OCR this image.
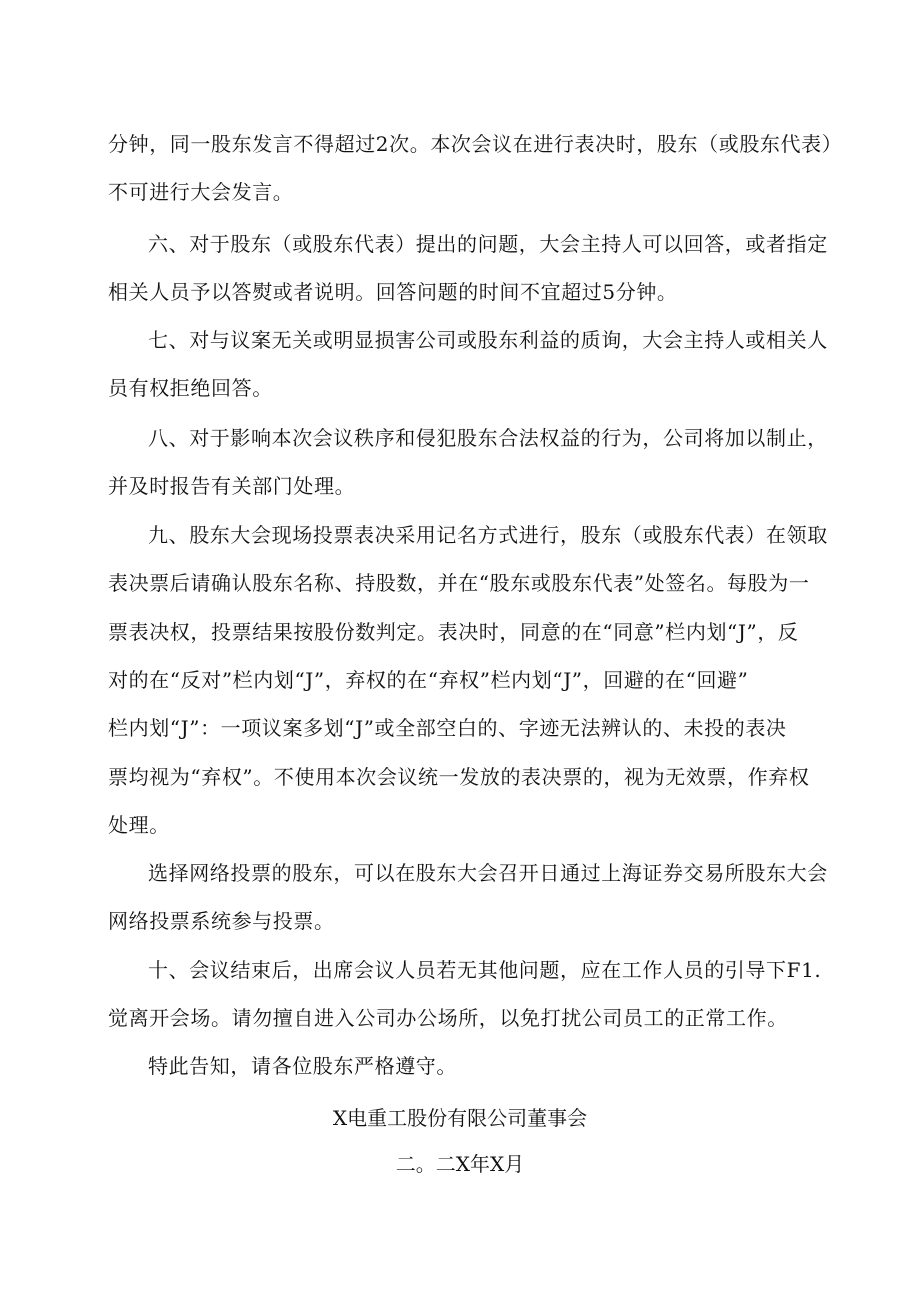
分钟，同一股东发言不得超过2次。本次会议在进行表决时，股东（或股东代表）
不可进行大会发言。
六、对于股东（或股东代表）提出的问题，大会主持人可以回答，或者指定
相关人员予以答熨或者说明。回答问题的时间不宜超过5分钟。
七、对与议案无关或明显损害公司或股东利益的质询，大会主持人或相关人
员有权拒绝回答。
八、对于影响本次会议秩序和侵犯股东合法权益的行为，公司将加以制止，
并及时报告有关部门处理。
九、股东大会现场投票表决采用记名方式进行，股东（或股东代表）在领取
表决票后请确认股东名称、持股数，并在“股东或股东代表”处签名。每股为一
票表决权，投票结果按股份数判定。表决时，同意的在“同意”栏内划“J”，反
对的在“反对”栏内划“J”，弃权的在“弃权”栏内划“J”，回避的在“回避”
栏内划“J”：一项议案多划“J”或全部空白的、字迹无法辨认的、未投的表决
票均视为“弃权”。不使用本次会议统一发放的表决票的，视为无效票，作弃权
处理。
选择网络投票的股东，可以在股东大会召开日通过上海证券交易所股东大会
网络投票系统参与投票。
十、会议结束后，出席会议人员若无其他问题，应在工作人员的引导下F1.
觉离开会场。请勿擅自进入公司办公场所，以免打扰公司员工的正常工作。
特此告知，请各位股东严格遵守。
X电重工股份有限公司董事会
二。二X年X月
